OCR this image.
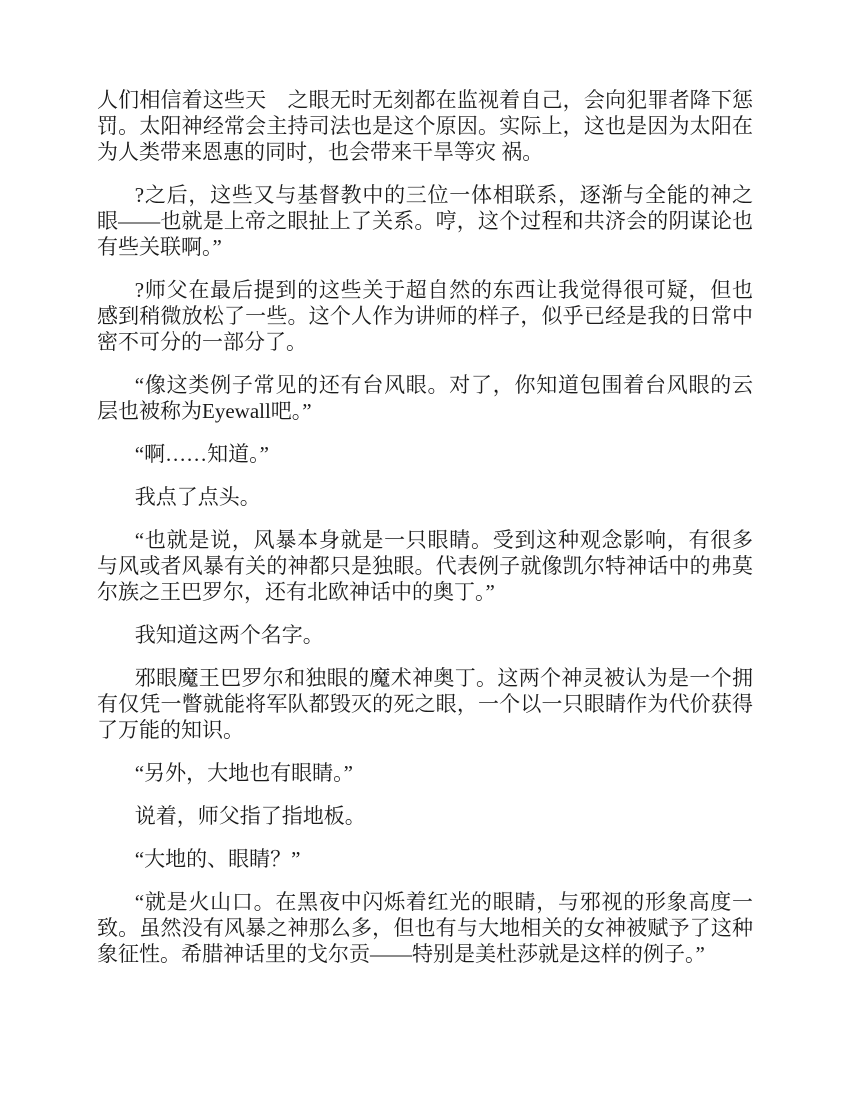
人们相信着这些天　之眼无时无刻都在监视着自己，会向犯罪者降下惩罚。太阳神经常会主持司法也是这个原因。实际上，这也是因为太阳在为人类带来恩惠的同时，也会带来干旱等灾 祸。

?之后，这些又与基督教中的三位一体相联系，逐渐与全能的神之眼——也就是上帝之眼扯上了关系。哼，这个过程和共济会的阴谋论也有些关联啊。”

?师父在最后提到的这些关于超自然的东西让我觉得很可疑，但也感到稍微放松了一些。这个人作为讲师的样子，似乎已经是我的日常中密不可分的一部分了。

“像这类例子常见的还有台风眼。对了，你知道包围着台风眼的云层也被称为Eyewall吧。”

“啊……知道。”

我点了点头。

“也就是说，风暴本身就是一只眼睛。受到这种观念影响，有很多与风或者风暴有关的神都只是独眼。代表例子就像凯尔特神话中的弗莫尔族之王巴罗尔，还有北欧神话中的奥丁。”

我知道这两个名字。

邪眼魔王巴罗尔和独眼的魔术神奥丁。这两个神灵被认为是一个拥有仅凭一瞥就能将军队都毁灭的死之眼，一个以一只眼睛作为代价获得了万能的知识。

“另外，大地也有眼睛。”

说着，师父指了指地板。

“大地的、眼睛？”

“就是火山口。在黑夜中闪烁着红光的眼睛，与邪视的形象高度一致。虽然没有风暴之神那么多，但也有与大地相关的女神被赋予了这种象征性。希腊神话里的戈尔贡——特别是美杜莎就是这样的例子。”
